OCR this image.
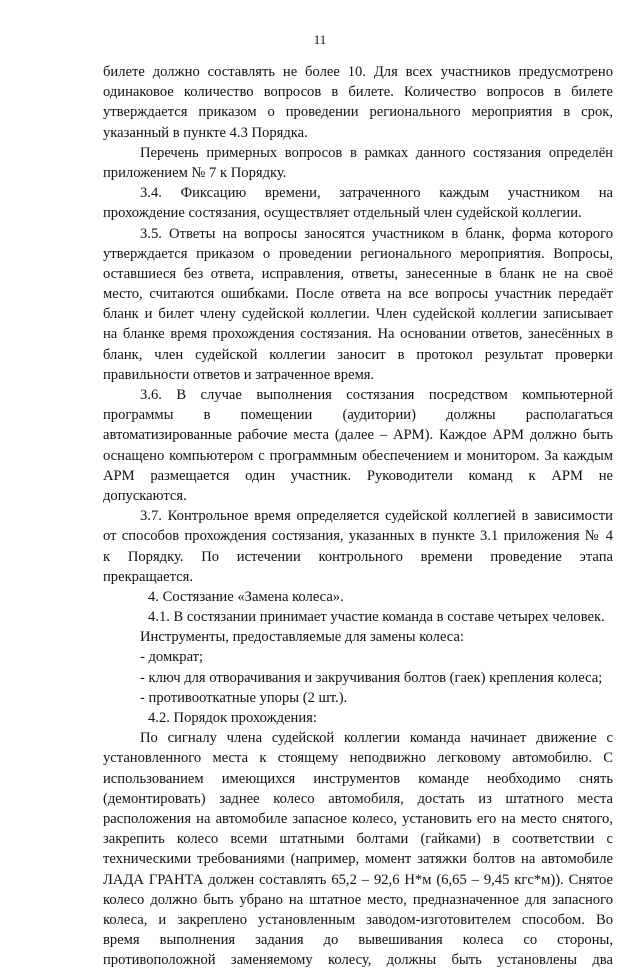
11
билете должно составлять не более 10. Для всех участников предусмотрено
одинаковое количество вопросов в билете. Количество вопросов в билете
утверждается приказом о проведении регионального мероприятия в срок,
указанный в пункте 4.3 Порядка.
Перечень примерных вопросов в рамках данного состязания определён
приложением № 7 к Порядку.
3.4. Фиксацию времени, затраченного каждым участником на
прохождение состязания, осуществляет отдельный член судейской коллегии.
3.5. Ответы на вопросы заносятся участником в бланк, форма которого
утверждается приказом о проведении регионального мероприятия. Вопросы,
оставшиеся без ответа, исправления, ответы, занесенные в бланк не на своё
место, считаются ошибками. После ответа на все вопросы участник передаёт
бланк и билет члену судейской коллегии. Член судейской коллегии записывает
на бланке время прохождения состязания. На основании ответов, занесённых в
бланк, член судейской коллегии заносит в протокол результат проверки
правильности ответов и затраченное время.
3.6. В случае выполнения состязания посредством компьютерной
программы в помещении (аудитории) должны располагаться
автоматизированные рабочие места (далее – АРМ). Каждое АРМ должно быть
оснащено компьютером с программным обеспечением и монитором. За каждым
АРМ размещается один участник. Руководители команд к АРМ не
допускаются.
3.7. Контрольное время определяется судейской коллегией в зависимости
от способов прохождения состязания, указанных в пункте 3.1 приложения № 4
к Порядку. По истечении контрольного времени проведение этапа
прекращается.
4. Состязание «Замена колеса».
4.1. В состязании принимает участие команда в составе четырех человек.
Инструменты, предоставляемые для замены колеса:
- домкрат;
- ключ для отворачивания и закручивания болтов (гаек) крепления колеса;
- противооткатные упоры (2 шт.).
4.2. Порядок прохождения:
По сигналу члена судейской коллегии команда начинает движение с
установленного места к стоящему неподвижно легковому автомобилю. С
использованием имеющихся инструментов команде необходимо снять
(демонтировать) заднее колесо автомобиля, достать из штатного места
расположения на автомобиле запасное колесо, установить его на место снятого,
закрепить колесо всеми штатными болтами (гайками) в соответствии с
техническими требованиями (например, момент затяжки болтов на автомобиле
ЛАДА ГРАНТА должен составлять 65,2 – 92,6 Н*м (6,65 – 9,45 кгс*м)). Снятое
колесо должно быть убрано на штатное место, предназначенное для запасного
колеса, и закреплено установленным заводом-изготовителем способом. Во
время выполнения задания до вывешивания колеса со стороны,
противоположной заменяемому колесу, должны быть установлены два
